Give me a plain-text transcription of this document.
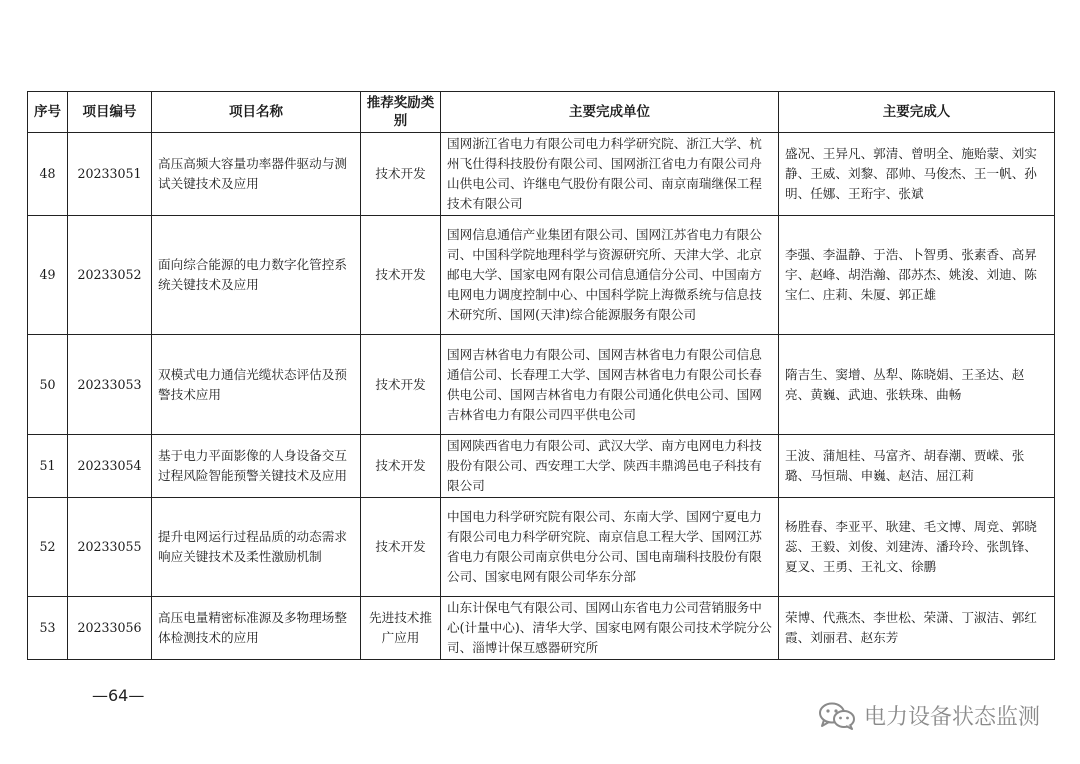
序号	项目编号	项目名称	推荐奖励类别	主要完成单位	主要完成人
48	20233051	高压高频大容量功率器件驱动与测试关键技术及应用	技术开发	国网浙江省电力有限公司电力科学研究院、浙江大学、杭州飞仕得科技股份有限公司、国网浙江省电力有限公司舟山供电公司、许继电气股份有限公司、南京南瑞继保工程技术有限公司	盛况、王异凡、郭清、曾明全、施贻蒙、刘实静、王威、刘黎、邵帅、马俊杰、王一帆、孙明、任娜、王珩宇、张斌
49	20233052	面向综合能源的电力数字化管控系统关键技术及应用	技术开发	国网信息通信产业集团有限公司、国网江苏省电力有限公司、中国科学院地理科学与资源研究所、天津大学、北京邮电大学、国家电网有限公司信息通信分公司、中国南方电网电力调度控制中心、中国科学院上海微系统与信息技术研究所、国网(天津)综合能源服务有限公司	李强、李温静、于浩、卜智勇、张素香、高昇宇、赵峰、胡浩瀚、邵苏杰、姚浚、刘迪、陈宝仁、庄莉、朱厦、郭正雄
50	20233053	双模式电力通信光缆状态评估及预警技术应用	技术开发	国网吉林省电力有限公司、国网吉林省电力有限公司信息通信公司、长春理工大学、国网吉林省电力有限公司长春供电公司、国网吉林省电力有限公司通化供电公司、国网吉林省电力有限公司四平供电公司	隋吉生、窦增、丛犁、陈晓娟、王圣达、赵亮、黄巍、武迪、张轶珠、曲畅
51	20233054	基于电力平面影像的人身设备交互过程风险智能预警关键技术及应用	技术开发	国网陕西省电力有限公司、武汉大学、南方电网电力科技股份有限公司、西安理工大学、陕西丰鼎鸿邑电子科技有限公司	王波、蒲旭桂、马富齐、胡春潮、贾嵘、张璐、马恒瑞、申巍、赵洁、屈江莉
52	20233055	提升电网运行过程品质的动态需求响应关键技术及柔性激励机制	技术开发	中国电力科学研究院有限公司、东南大学、国网宁夏电力有限公司电力科学研究院、南京信息工程大学、国网江苏省电力有限公司南京供电分公司、国电南瑞科技股份有限公司、国家电网有限公司华东分部	杨胜春、李亚平、耿建、毛文博、周竞、郭晓蕊、王毅、刘俊、刘建涛、潘玲玲、张凯锋、夏叉、王勇、王礼文、徐鹏
53	20233056	高压电量精密标准源及多物理场整体检测技术的应用	先进技术推广应用	山东计保电气有限公司、国网山东省电力公司营销服务中心(计量中心)、清华大学、国家电网有限公司技术学院分公司、淄博计保互感器研究所	荣博、代燕杰、李世松、荣潇、丁淑洁、郭红霞、刘丽君、赵东芳
—64—
电力设备状态监测
